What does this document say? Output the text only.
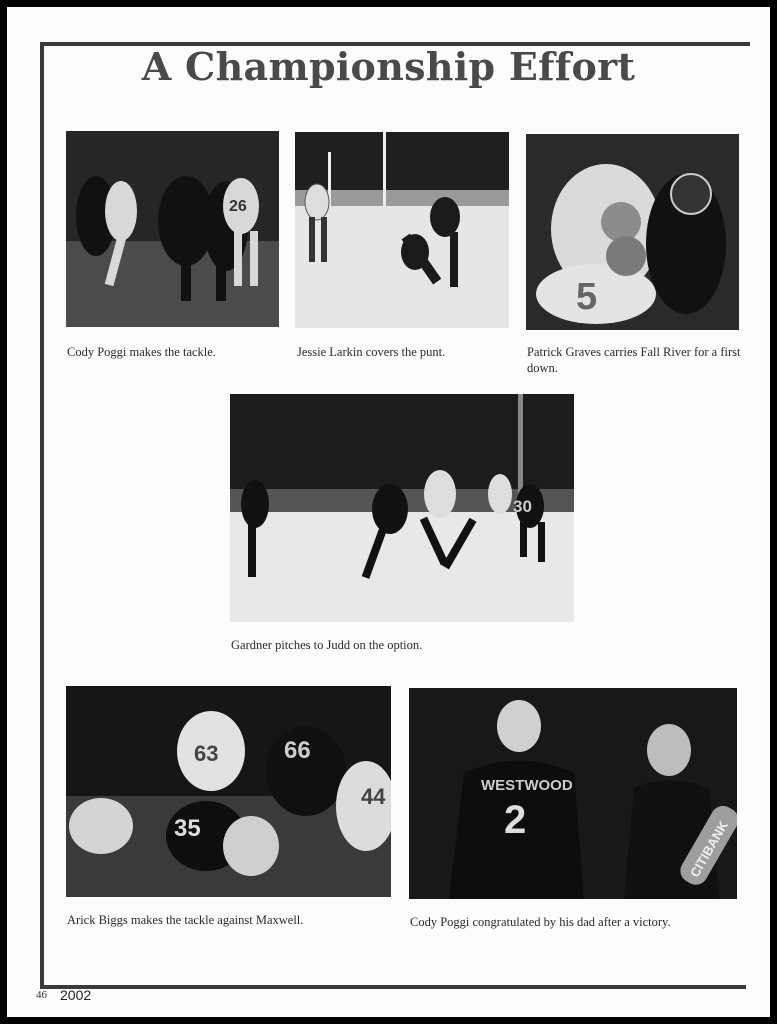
A Championship Effort
26
Cody Poggi makes the tackle.	Jessie Larkin covers the punt.
5
Patrick Graves carries Fall River for a first down.
30
Gardner pitches to Judd on the option.
63	66
35
44
Arick Biggs makes the tackle against Maxwell.
WESTWOOD
2	CITIBANK
Cody Poggi congratulated by his dad after a victory.
46 2002
